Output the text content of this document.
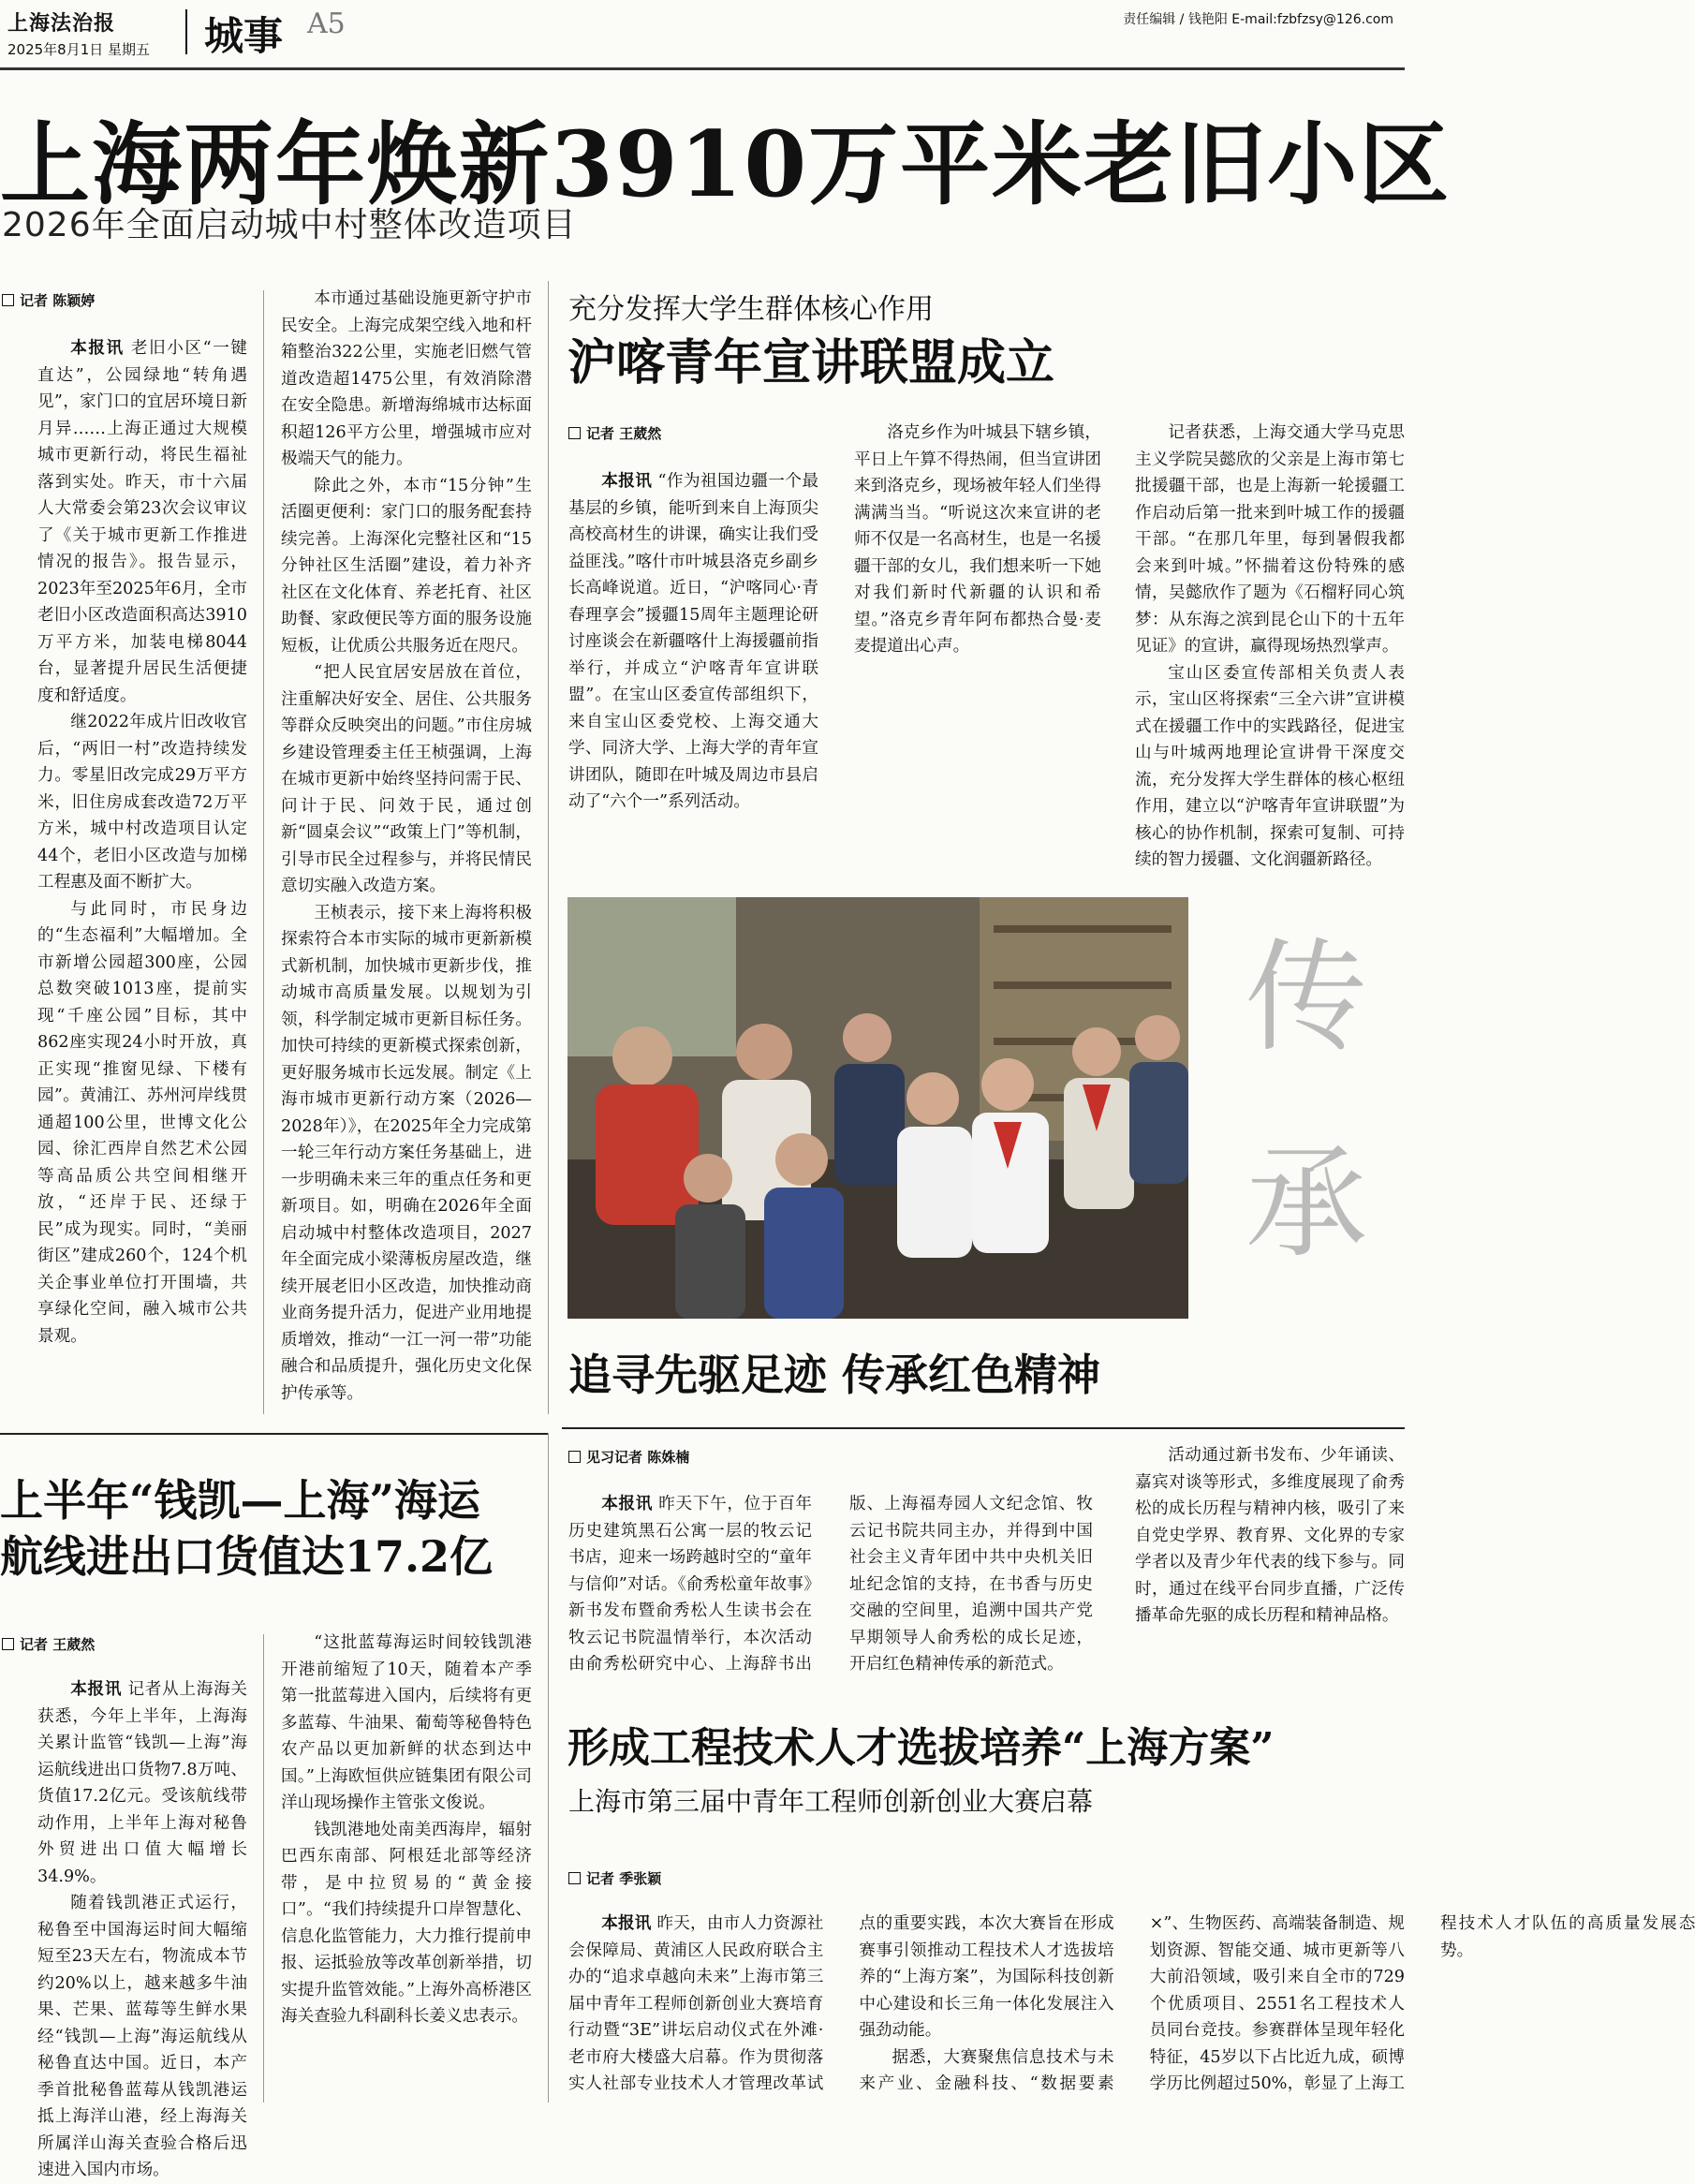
上海法治报
2025年8月1日 星期五 城事 A5	责任编辑 / 钱艳阳 E-mail:fzbfzsy@126.com
上海两年焕新3910万平米老旧小区
2026年全面启动城中村整体改造项目
记者 陈颖婷

本报讯 老旧小区“一键直达”，公园绿地“转角遇见”，家门口的宜居环境日新月异……上海正通过大规模城市更新行动，将民生福祉落到实处。昨天，市十六届人大常委会第23次会议审议了《关于城市更新工作推进情况的报告》。报告显示，2023年至2025年6月，全市老旧小区改造面积高达3910万平方米，加装电梯8044台，显著提升居民生活便捷度和舒适度。

继2022年成片旧改收官后，“两旧一村”改造持续发力。零星旧改完成29万平方米，旧住房成套改造72万平方米，城中村改造项目认定44个，老旧小区改造与加梯工程惠及面不断扩大。

与此同时，市民身边的“生态福利”大幅增加。全市新增公园超300座，公园总数突破1013座，提前实现“千座公园”目标，其中862座实现24小时开放，真正实现“推窗见绿、下楼有园”。黄浦江、苏州河岸线贯通超100公里，世博文化公园、徐汇西岸自然艺术公园等高品质公共空间相继开放，“还岸于民、还绿于民”成为现实。同时，“美丽街区”建成260个，124个机关企事业单位打开围墙，共享绿化空间，融入城市公共景观。

本市通过基础设施更新守护市民安全。上海完成架空线入地和杆箱整治322公里，实施老旧燃气管道改造超1475公里，有效消除潜在安全隐患。新增海绵城市达标面积超126平方公里，增强城市应对极端天气的能力。

除此之外，本市“15分钟”生活圈更便利：家门口的服务配套持续完善。上海深化完整社区和“15分钟社区生活圈”建设，着力补齐社区在文化体育、养老托育、社区助餐、家政便民等方面的服务设施短板，让优质公共服务近在咫尺。

“把人民宜居安居放在首位，注重解决好安全、居住、公共服务等群众反映突出的问题。”市住房城乡建设管理委主任王桢强调，上海在城市更新中始终坚持问需于民、问计于民、问效于民，通过创新“圆桌会议”“政策上门”等机制，引导市民全过程参与，并将民情民意切实融入改造方案。

王桢表示，接下来上海将积极探索符合本市实际的城市更新新模式新机制，加快城市更新步伐，推动城市高质量发展。以规划为引领，科学制定城市更新目标任务。加快可持续的更新模式探索创新，更好服务城市长远发展。制定《上海市城市更新行动方案（2026—2028年）》，在2025年全力完成第一轮三年行动方案任务基础上，进一步明确未来三年的重点任务和更新项目。如，明确在2026年全面启动城中村整体改造项目，2027年全面完成小梁薄板房屋改造，继续开展老旧小区改造，加快推动商业商务提升活力，促进产业用地提质增效，推动“一江一河一带”功能融合和品质提升，强化历史文化保护传承等。

充分发挥大学生群体核心作用
沪喀青年宣讲联盟成立
记者 王葳然

本报讯 “作为祖国边疆一个最基层的乡镇，能听到来自上海顶尖高校高材生的讲课，确实让我们受益匪浅。”喀什市叶城县洛克乡副乡长高峰说道。近日，“沪喀同心·青春理享会”援疆15周年主题理论研讨座谈会在新疆喀什上海援疆前指举行，并成立“沪喀青年宣讲联盟”。在宝山区委宣传部组织下，来自宝山区委党校、上海交通大学、同济大学、上海大学的青年宣讲团队，随即在叶城及周边市县启动了“六个一”系列活动。

洛克乡作为叶城县下辖乡镇，平日上午算不得热闹，但当宣讲团来到洛克乡，现场被年轻人们坐得满满当当。“听说这次来宣讲的老师不仅是一名高材生，也是一名援疆干部的女儿，我们想来听一下她对我们新时代新疆的认识和希望。”洛克乡青年阿布都热合曼·麦麦提道出心声。

记者获悉，上海交通大学马克思主义学院吴懿欣的父亲是上海市第七批援疆干部，也是上海新一轮援疆工作启动后第一批来到叶城工作的援疆干部。“在那几年里，每到暑假我都会来到叶城。”怀揣着这份特殊的感情，吴懿欣作了题为《石榴籽同心筑梦：从东海之滨到昆仑山下的十五年见证》的宣讲，赢得现场热烈掌声。

宝山区委宣传部相关负责人表示，宝山区将探索“三全六讲”宣讲模式在援疆工作中的实践路径，促进宝山与叶城两地理论宣讲骨干深度交流，充分发挥大学生群体的核心枢纽作用，建立以“沪喀青年宣讲联盟”为核心的协作机制，探索可复制、可持续的智力援疆、文化润疆新路径。

传
承
追寻先驱足迹 传承红色精神
见习记者 陈姝楠

本报讯 昨天下午，位于百年历史建筑黑石公寓一层的牧云记书店，迎来一场跨越时空的“童年与信仰”对话。《俞秀松童年故事》新书发布暨俞秀松人生读书会在牧云记书院温情举行，本次活动由俞秀松研究中心、上海辞书出版、上海福寿园人文纪念馆、牧云记书院共同主办，并得到中国社会主义青年团中共中央机关旧址纪念馆的支持，在书香与历史交融的空间里，追溯中国共产党早期领导人俞秀松的成长足迹，开启红色精神传承的新范式。

活动通过新书发布、少年诵读、嘉宾对谈等形式，多维度展现了俞秀松的成长历程与精神内核，吸引了来自党史学界、教育界、文化界的专家学者以及青少年代表的线下参与。同时，通过在线平台同步直播，广泛传播革命先驱的成长历程和精神品格。

上半年“钱凯—上海”海运
航线进出口货值达17.2亿
记者 王葳然

本报讯 记者从上海海关获悉，今年上半年，上海海关累计监管“钱凯—上海”海运航线进出口货物7.8万吨、货值17.2亿元。受该航线带动作用，上半年上海对秘鲁外贸进出口值大幅增长34.9%。

随着钱凯港正式运行，秘鲁至中国海运时间大幅缩短至23天左右，物流成本节约20%以上，越来越多牛油果、芒果、蓝莓等生鲜水果经“钱凯—上海”海运航线从秘鲁直达中国。近日，本产季首批秘鲁蓝莓从钱凯港运抵上海洋山港，经上海海关所属洋山海关查验合格后迅速进入国内市场。

“这批蓝莓海运时间较钱凯港开港前缩短了10天，随着本产季第一批蓝莓进入国内，后续将有更多蓝莓、牛油果、葡萄等秘鲁特色农产品以更加新鲜的状态到达中国。”上海欧恒供应链集团有限公司洋山现场操作主管张文俊说。

钱凯港地处南美西海岸，辐射巴西东南部、阿根廷北部等经济带，是中拉贸易的“黄金接口”。“我们持续提升口岸智慧化、信息化监管能力，大力推行提前申报、运抵验放等改革创新举措，切实提升监管效能。”上海外高桥港区海关查验九科副科长姜义忠表示。

形成工程技术人才选拔培养“上海方案”
上海市第三届中青年工程师创新创业大赛启幕
记者 季张颖

本报讯 昨天，由市人力资源社会保障局、黄浦区人民政府联合主办的“追求卓越向未来”上海市第三届中青年工程师创新创业大赛培育行动暨“3E”讲坛启动仪式在外滩·老市府大楼盛大启幕。作为贯彻落实人社部专业技术人才管理改革试点的重要实践，本次大赛旨在形成赛事引领推动工程技术人才选拔培养的“上海方案”，为国际科技创新中心建设和长三角一体化发展注入强劲动能。

据悉，大赛聚焦信息技术与未来产业、金融科技、“数据要素×”、生物医药、高端装备制造、规划资源、智能交通、城市更新等八大前沿领域，吸引来自全市的729个优质项目、2551名工程技术人员同台竞技。参赛群体呈现年轻化特征，45岁以下占比近九成，硕博学历比例超过50%，彰显了上海工程技术人才队伍的高质量发展态势。
